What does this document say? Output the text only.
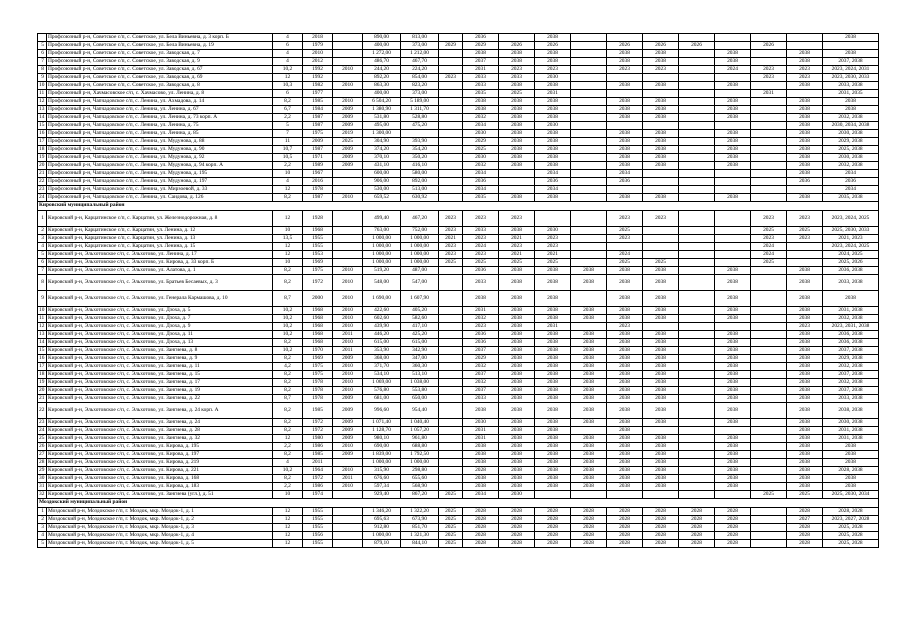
	Профсоюзный р-н, Советское с/п, с. Советское, ул. Бела Виньевна, д. 3 корп. Б	4	2018		890,00	813,00		2036		2038								2038
5	Профсоюзный р-н, Советское с/п, с. Советское, ул. Бела Виньевна, д. 19	6	1979		400,00	373,00	2029	2029	2026	2026		2026	2026	2026		2026		
6	Профсоюзный р-н, Советское с/п, с. Советское, ул. Заводская, д. 7	4	2010		1 272,00	1 212,00		2038	2038	2038		2038	2038		2038		2038	2038
7	Профсоюзный р-н, Советское с/п, с. Советское, ул. Заводская, д. 9	4	2012		486,70	467,70		2037	2038	2038		2038	2038		2038		2038	2037, 2038
8	Профсоюзный р-н, Советское с/п, с. Советское, ул. Заводская, д. 67	10,2	1992	2010	244,20	224,20		2031	2023	2023		2023	2023		2024	2023	2023	2023, 2024, 2031
9	Профсоюзный р-н, Советское с/п, с. Советское, ул. Заводская, д. 69	12	1992		892,20	854,00	2023	2033	2033	2030						2023	2023	2023, 2030, 2033
10	Профсоюзный р-н, Советское с/п, с. Советское, ул. Заводская, д. 8	10,3	1982	2010	863,30	823,20		2033	2038	2038		2038	2038		2038		2038	2033, 2038
11	Профсоюзный р-н, Хачмасовское с/п, с. Хачмасово, ул. Ленина, д. 8	6	1977		400,00	373,00		2035	2025	2031						2031		2031, 2035
12	Профсоюзный р-н, Чапчадовское с/п, с. Ленина, ул. Ахмадова, д. 14	8,2	1985	2010	6 504,20	5 189,00		2038	2038	2038		2038	2038		2038		2038	2038
13	Профсоюзный р-н, Чапчадовское с/п, с. Ленина, ул. Ленина, д. 67	6,7	1984	2009	1 380,90	1 311,70		2038	2038	2038		2038	2038		2038		2038	2038
14	Профсоюзный р-н, Чапчадовское с/п, с. Ленина, ул. Ленина, д. 73 корп. А	2,2	1987	2009	531,80	528,80		2032	2038	2038		2038	2038		2038		2038	2032, 2038
15	Профсоюзный р-н, Чапчадовское с/п, с. Ленина, ул. Ленина, д. 75	5	1987	2009	495,00	475,20		2034	2038	2030							2038	2030, 2034, 2038
16	Профсоюзный р-н, Чапчадовское с/п, с. Ленина, ул. Ленина, д. 85	7	1975	2019	1 300,00			2030	2038	2038		2038	2038		2038		2038	2030, 2038
17	Профсоюзный р-н, Чапчадовское с/п, с. Ленина, ул. Мудунова, д. 88	11	2009	2025	304,90	393,90		2029	2038	2038		2038	2038		2038		2038	2029, 2038
18	Профсоюзный р-н, Чапчадовское с/п, с. Ленина, ул. Мудунова, д. 90	10,7	1987	2009	374,20	354,20		2025	2038	2038		2038	2038		2038		2038	2025, 2038
19	Профсоюзный р-н, Чапчадовское с/п, с. Ленина, ул. Мудунова, д. 92	10,5	1971	2009	370,10	350,20		2030	2038	2038		2038	2038		2038		2038	2030, 2038
20	Профсоюзный р-н, Чапчадовское с/п, с. Ленина, ул. Мудунова, д. 94 корп. А	2,2	1989	2009	431,10	416,10		2032	2038	2038		2038	2038		2038		2038	2032, 2038
21	Профсоюзный р-н, Чапчадовское с/п, с. Ленина, ул. Мудунова, д. 195	10	1967		600,00	580,00		2034		2034		2034					2038	2034
22	Профсоюзный р-н, Чапчадовское с/п, с. Ленина, ул. Мудунова, д. 197	4	2016		906,00	892,00		2036		2036		2036					2036	2036
23	Профсоюзный р-н, Чапчадовское с/п, с. Ленина, ул. Мирзоевой, д. 33	12	1978		530,00	513,00		2034		2034								2034
24	Профсоюзный р-н, Чапчадовское с/п, с. Ленина, ул. Саидова, д. 126	8,2	1987	2010	659,52	630,92		2035	2038	2038		2038	2038		2038		2038	2035, 2038
Кировский муниципальный район																		
1	Кировский р-н, Карцатинское с/п, с. Карцатин, ул. Железнодорожная, д. 8	12	1928		499,40	467,20	2023	2023	2023			2023	2023			2023	2023	2023, 2024, 2025
2	Кировский р-н, Карцатинское с/п, с. Карцатин, ул. Ленина, д. 12	10	1968		763,00	752,00	2023	2033	2038	2030		2025				2025	2025	2025, 2030, 2033
3	Кировский р-н, Карцатинское с/п, с. Карцатин, ул. Ленина, д. 13	13,5	1955		1 000,00	1 000,00	2021	2023	2021	2023		2023				2023	2023	2021, 2023
4	Кировский р-н, Карцатинское с/п, с. Карцатин, ул. Ленина, д. 15	12	1955		1 000,00	1 000,00	2023	2024	2023	2023						2024		2023, 2024, 2025
5	Кировский р-н, Эльхотовское с/п, с. Эльхотово, ул. Ленина, д. 17	12	1953		1 000,00	1 000,00	2023	2023	2021	2021		2024				2024		2024, 2025
6	Кировский р-н, Эльхотовское с/п, с. Эльхотово, ул. Кирова, д. 33 корп. Б	10	1969		1 000,00	1 000,00	2025	2025	2025	2025		2025	2025			2025		2025, 2026
7	Кировский р-н, Эльхотовское с/п, с. Эльхотово, ул. Алатова, д. 1	8,2	1975	2010	519,20	487,00		2036	2038	2038	2038	2038	2038		2038		2038	2036, 2038
8	Кировский р-н, Эльхотовское с/п, с. Эльхотово, ул. Братьев Бесаевых, д. 3	8,2	1972	2010	548,00	547,00		2033	2038	2038	2038	2038	2038		2038		2038	2033, 2038
9	Кировский р-н, Эльхотовское с/п, с. Эльхотово, ул. Генерала Кармашова, д. 10	8,7	2000	2010	1 690,00	1 607,90		2038	2038	2038		2038	2038		2038		2038	2038
10	Кировский р-н, Эльхотовское с/п, с. Эльхотово, ул. Дзоха, д. 5	10,2	1968	2010	422,60	405,20		2031	2038	2038	2038	2038	2038		2038		2038	2031, 2038
11	Кировский р-н, Эльхотовское с/п, с. Эльхотово, ул. Дзоха, д. 7	10,2	1968	2010	602,60	582,60		2032	2038	2038	2038	2038	2038		2038		2038	2032, 2038
12	Кировский р-н, Эльхотовское с/п, с. Эльхотово, ул. Дзоха, д. 9	10,2	1968	2010	439,90	417,10		2023	2038	2031		2023					2023	2023, 2031, 2038
13	Кировский р-н, Эльхотовское с/п, с. Эльхотово, ул. Дзоха, д. 11	10,2	1968	2011	446,20	425,20		2036	2038	2038	2038	2038	2038		2038		2038	2036, 2038
14	Кировский р-н, Эльхотовское с/п, с. Эльхотово, ул. Дзоха, д. 13	8,2	1968	2010	615,00	615,00		2036	2038	2038	2038	2038	2038		2038		2038	2036, 2038
15	Кировский р-н, Эльхотовское с/п, с. Эльхотово, ул. Зангиева, д. 8	10,2	1970	2011	353,90	342,90		2037	2038	2038	2038	2038	2038		2038		2038	2037, 2038
16	Кировский р-н, Эльхотовское с/п, с. Эльхотово, ул. Зангиева, д. 9	8,2	1969	2009	368,00	347,00		2029	2038	2038	2038	2038	2038		2038		2038	2029, 2038
17	Кировский р-н, Эльхотовское с/п, с. Эльхотово, ул. Зангиева, д. 11	4,2	1975	2010	371,70	360,30		2032	2038	2038	2038	2038	2038		2038		2038	2032, 2038
18	Кировский р-н, Эльхотовское с/п, с. Эльхотово, ул. Зангиева, д. 15	8,2	1975	2010	534,10	513,10		2037	2038	2038	2038	2038	2038		2038		2038	2037, 2038
19	Кировский р-н, Эльхотовское с/п, с. Эльхотово, ул. Зангиева, д. 17	8,2	1978	2010	1 069,00	1 038,00		2032	2038	2038	2038	2038	2038		2038		2038	2032, 2038
20	Кировский р-н, Эльхотовское с/п, с. Эльхотово, ул. Зангиева, д. 19	8,2	1978	2010	576,80	553,80		2037	2038	2038	2038	2038	2038		2038		2038	2037, 2038
21	Кировский р-н, Эльхотовское с/п, с. Эльхотово, ул. Зангиева, д. 22	8,7	1978	2009	681,00	650,00		2033	2038	2038	2038	2038	2038		2038		2038	2033, 2038
22	Кировский р-н, Эльхотовское с/п, с. Эльхотово, ул. Зангиева, д. 24 корп. А	8,2	1985	2009	996,60	954,40		2038	2038	2038	2038	2038	2038		2038		2038	2038, 2038
23	Кировский р-н, Эльхотовское с/п, с. Эльхотово, ул. Зангиева, д. 24	8,2	1972	2009	1 071,40	1 040,40		2030	2038	2038	2038	2038	2038		2038		2038	2030, 2038
24	Кировский р-н, Эльхотовское с/п, с. Эльхотово, ул. Зангиева, д. 28	8,2	1972	2009	1 128,70	1 057,20		2031	2038	2038		2038					2038	2031, 2038
25	Кировский р-н, Эльхотовское с/п, с. Эльхотово, ул. Зангиева, д. 32	12	1980	2009	980,10	961,80		2031	2038	2038	2038	2038	2038		2038		2038	2031, 2038
26	Кировский р-н, Эльхотовское с/п, с. Эльхотово, ул. Кирова, д. 195	2,2	1986	2010	690,00	688,80		2038	2038	2038	2038	2038	2038		2038		2038	2038
27	Кировский р-н, Эльхотовское с/п, с. Эльхотово, ул. Кирова, д. 197	8,2	1985	2009	1 839,00	1 792,50		2038	2038	2038	2038	2038	2038		2038		2038	2038
28	Кировский р-н, Эльхотовское с/п, с. Эльхотово, ул. Кирова, д. 219	4	2011		1 000,00	1 000,00		2038	2038	2038	2038	2038	2038		2038		2038	2038
29	Кировский р-н, Эльхотовское с/п, с. Эльхотово, ул. Кирова, д. 221	10,2	1964	2010	315,90	298,80		2028	2038	2038	2038	2038	2038		2038		2038	2028, 2038
30	Кировский р-н, Эльхотовское с/п, с. Эльхотово, ул. Кирова, д. 168	8,2	1972	2011	676,60	655,60		2038	2038	2038	2038	2038	2038		2038		2038	2038
31	Кировский р-н, Эльхотовское с/п, с. Эльхотово, ул. Кирова, д. 183	2,2	1986	2010	597,34	568,90		2038	2038	2038	2038	2038	2038		2038		2038	2038
32	Кировский р-н, Эльхотовское с/п, с. Эльхотово, ул. Зангиева (угл.), д. 51	10	1974		929,40	867,20	2025	2034	2030							2025	2025	2025, 2030, 2034
Моздокский муниципальный район																		
1	Моздокский р-н, Моздокское г/п, г. Моздок, мкр. Моздок-1, д. 1	12	1955		1 346,20	1 322,20	2025	2028	2028	2028	2028	2028	2028	2028	2028		2028	2028, 2028
2	Моздокский р-н, Моздокское г/п, г. Моздок, мкр. Моздок-1, д. 2	12	1955		695,63	673,90	2025	2028	2028	2028	2028	2028	2028	2028	2028		2027	2023, 2027, 2028
3	Моздокский р-н, Моздокское г/п, г. Моздок, мкр. Моздок-1, д. 3	12	1955		912,80	851,70	2025	2028	2028	2028	2028	2028	2028	2028	2028		2028	2025, 2028
4	Моздокский р-н, Моздокское г/п, г. Моздок, мкр. Моздок-1, д. 4	12	1956		1 000,00	1 321,30	2025	2028	2028	2028	2028	2028	2028	2028	2028		2028	2025, 2028
5	Моздокский р-н, Моздокское г/п, г. Моздок, мкр. Моздок-1, д. 5	12	1955		879,10	844,10	2025	2028	2028	2028	2028	2028	2028	2028	2028		2028	2025, 2028
